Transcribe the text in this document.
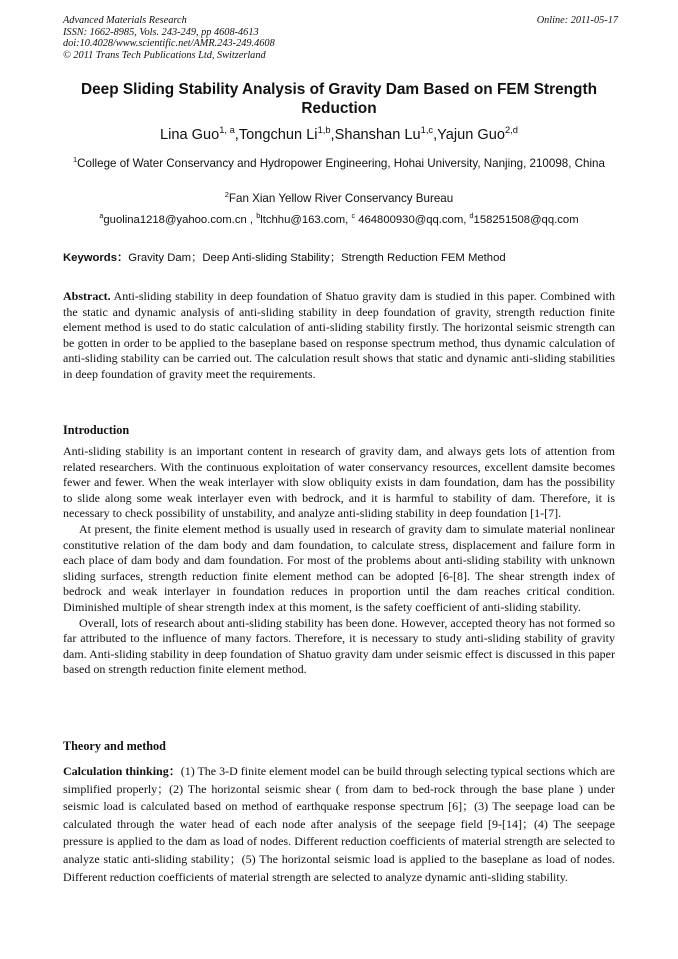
Advanced Materials Research
ISSN: 1662-8985, Vols. 243-249, pp 4608-4613
doi:10.4028/www.scientific.net/AMR.243-249.4608
© 2011 Trans Tech Publications Ltd, Switzerland
Online: 2011-05-17
Deep Sliding Stability Analysis of Gravity Dam Based on FEM Strength Reduction
Lina Guo$^{1, a}$,Tongchun Li$^{1,b}$,Shanshan Lu$^{1,c}$,Yajun Guo$^{2,d}$
$^1$College of Water Conservancy and Hydropower Engineering, Hohai University, Nanjing, 210098, China
$^2$Fan Xian Yellow River Conservancy Bureau
$^a$guolina1218@yahoo.com.cn , $^b$ltchhu@163.com, $^c$ 464800930@qq.com, $^d$158251508@qq.com
Keywords：Gravity Dam；Deep Anti-sliding Stability；Strength Reduction FEM Method

Abstract. Anti-sliding stability in deep foundation of Shatuo gravity dam is studied in this paper. Combined with the static and dynamic analysis of anti-sliding stability in deep foundation of gravity, strength reduction finite element method is used to do static calculation of anti-sliding stability firstly. The horizontal seismic strength can be gotten in order to be applied to the baseplane based on response spectrum method, thus dynamic calculation of anti-sliding stability can be carried out. The calculation result shows that static and dynamic anti-sliding stabilities in deep foundation of gravity meet the requirements.

Introduction

Anti-sliding stability is an important content in research of gravity dam, and always gets lots of attention from related researchers. With the continuous exploitation of water conservancy resources, excellent damsite becomes fewer and fewer. When the weak interlayer with slow obliquity exists in dam foundation, dam has the possibility to slide along some weak interlayer even with bedrock, and it is harmful to stability of dam. Therefore, it is necessary to check possibility of unstability, and analyze anti-sliding stability in deep foundation [1-[7].

At present, the finite element method is usually used in research of gravity dam to simulate material nonlinear constitutive relation of the dam body and dam foundation, to calculate stress, displacement and failure form in each place of dam body and dam foundation. For most of the problems about anti-sliding stability with unknown sliding surfaces, strength reduction finite element method can be adopted [6-[8]. The shear strength index of bedrock and weak interlayer in foundation reduces in proportion until the dam reaches critical condition. Diminished multiple of shear strength index at this moment, is the safety coefficient of anti-sliding stability.

Overall, lots of research about anti-sliding stability has been done. However, accepted theory has not formed so far attributed to the influence of many factors. Therefore, it is necessary to study anti-sliding stability of gravity dam. Anti-sliding stability in deep foundation of Shatuo gravity dam under seismic effect is discussed in this paper based on strength reduction finite element method.

Theory and method

Calculation thinking：(1) The 3-D finite element model can be build through selecting typical sections which are simplified properly；(2) The horizontal seismic shear ( from dam to bed-rock through the base plane ) under seismic load is calculated based on method of earthquake response spectrum [6]；(3) The seepage load can be calculated through the water head of each node after analysis of the seepage field [9-[14]；(4) The seepage pressure is applied to the dam as load of nodes. Different reduction coefficients of material strength are selected to analyze static anti-sliding stability；(5) The horizontal seismic load is applied to the baseplane as load of nodes. Different reduction coefficients of material strength are selected to analyze dynamic anti-sliding stability.
